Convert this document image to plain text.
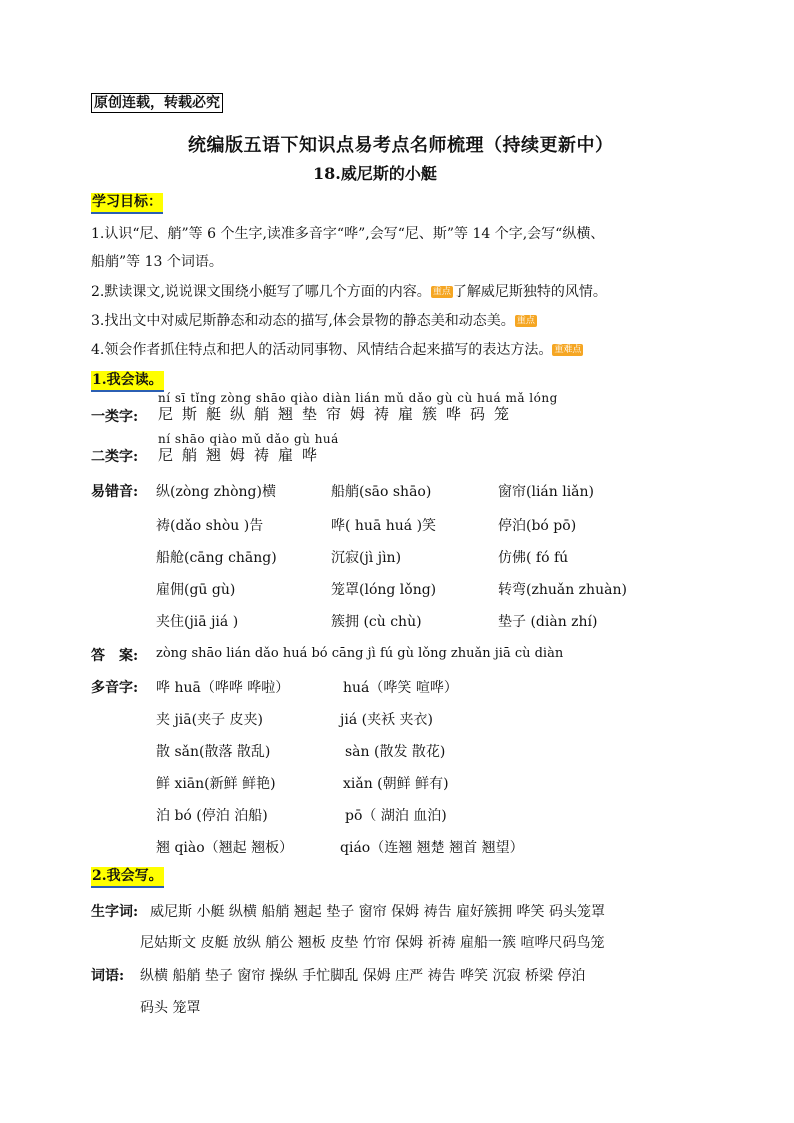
原创连载，转载必究
统编版五语下知识点易考点名师梳理（持续更新中）
18.威尼斯的小艇
学习目标：
1.认识“尼、艄”等 6 个生字,读准多音字“哗”,会写“尼、斯”等 14 个字,会写“纵横、
船艄”等 13 个词语。
2.默读课文,说说课文围绕小艇写了哪几个方面的内容。 重点 了解威尼斯独特的风情。
3.找出文中对威尼斯静态和动态的描写,体会景物的静态美和动态美。 重点
4.领会作者抓住特点和把人的活动同事物、风情结合起来描写的表达方法。 重难点
1.我会读。
ní sī tǐng zòng shāo qiào diàn lián mǔ dǎo gù cù huá mǎ lóng
一类字: 尼斯艇纵艄翘垫帘姆祷雇簇哗码笼
ní shāo qiào mǔ dǎo gù huá
二类字: 尼艄翘姆祷雇哗
易错音: 纵(zòng zhòng)横	船艄(sāo shāo)	窗帘(lián liǎn)
祷(dǎo shòu )告	哗( huā huá )笑	停泊(bó pō)
船舱(cāng chāng)	沉寂(jì jìn)	仿佛( fó fú
雇佣(gū gù)	笼罩(lóng lǒng)	转弯(zhuǎn zhuàn)
夹住(jiā jiá )	簇拥 (cù chù)	垫子 (diàn zhí)
答　案: zòng shāo lián dǎo huá bó cāng jì fú gù lǒng zhuǎn jiā cù diàn
多音字: 哗 huā（哗哗 哗啦）	huá（哗笑 喧哗）
夹 jiā(夹子 皮夹)	jiá (夹袄 夹衣)
散 sǎn(散落 散乱)	sàn (散发 散花)
鲜 xiān(新鲜 鲜艳)	xiǎn (朝鲜 鲜有)
泊 bó (停泊 泊船)	pō（ 湖泊 血泊)
翘 qiào（翘起 翘板）	qiáo（连翘 翘楚 翘首 翘望）
2.我会写。
生字词: 威尼斯 小艇 纵横 船艄 翘起 垫子 窗帘 保姆 祷告 雇好簇拥 哗笑 码头笼罩
尼姑斯文 皮艇 放纵 艄公 翘板 皮垫 竹帘 保姆 祈祷 雇船一簇 喧哗尺码鸟笼
词语: 纵横 船艄 垫子 窗帘 操纵 手忙脚乱 保姆 庄严 祷告 哗笑 沉寂 桥梁 停泊
码头 笼罩
